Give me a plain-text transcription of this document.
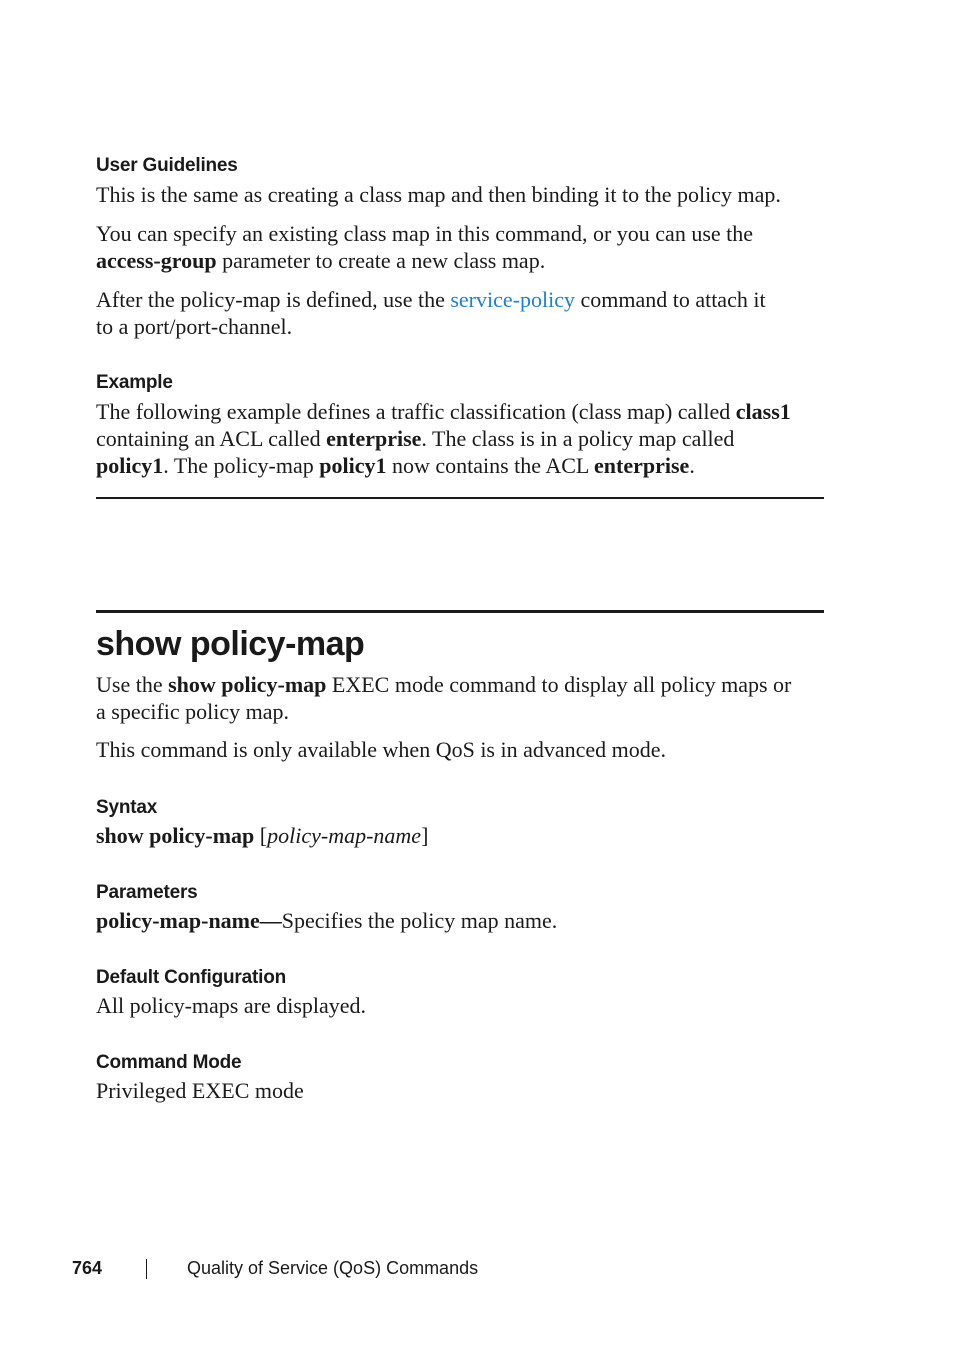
User Guidelines

This is the same as creating a class map and then binding it to the policy map.

You can specify an existing class map in this command, or you can use the
access-group parameter to create a new class map.

After the policy-map is defined, use the service-policy command to attach it
to a port/port-channel.

Example

The following example defines a traffic classification (class map) called class1
containing an ACL called enterprise. The class is in a policy map called
policy1. The policy-map policy1 now contains the ACL enterprise.

show policy-map

Use the show policy-map EXEC mode command to display all policy maps or
a specific policy map.

This command is only available when QoS is in advanced mode.

Syntax

show policy-map [policy-map-name]

Parameters

policy-map-name—Specifies the policy map name.

Default Configuration

All policy-maps are displayed.

Command Mode

Privileged EXEC mode

764	Quality of Service (QoS) Commands
